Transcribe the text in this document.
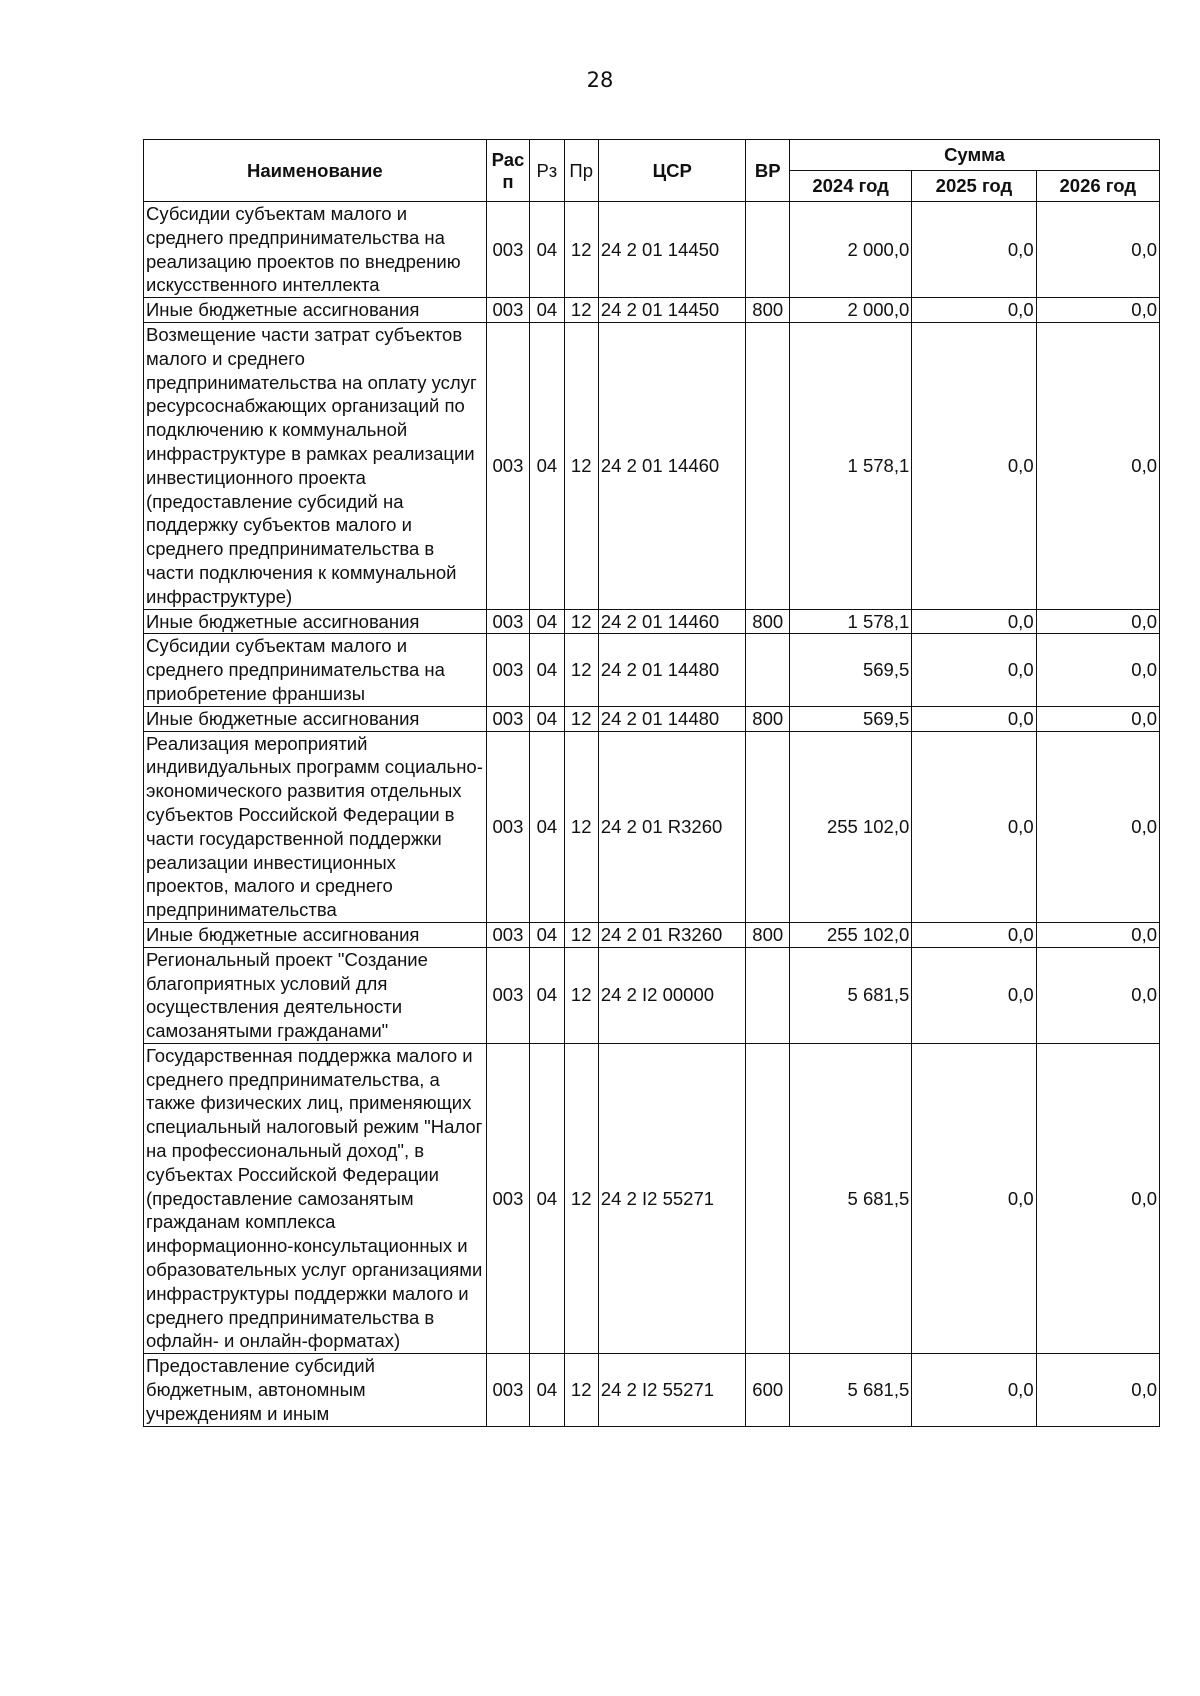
28
Наименование	Рас п	Рз	Пр	ЦСР	ВР	Сумма		
						2024 год	2025 год	2026 год
Субсидии субъектам малого и среднего предпринимательства на реализацию проектов по внедрению искусственного интеллекта	003	04	12	24 2 01 14450		2 000,0	0,0	0,0
Иные бюджетные ассигнования	003	04	12	24 2 01 14450	800	2 000,0	0,0	0,0
Возмещение части затрат субъектов малого и среднего предпринимательства на оплату услуг ресурсоснабжающих организаций по подключению к коммунальной инфраструктуре в рамках реализации инвестиционного проекта (предоставление субсидий на поддержку субъектов малого и среднего предпринимательства в части подключения к коммунальной инфраструктуре)	003	04	12	24 2 01 14460		1 578,1	0,0	0,0
Иные бюджетные ассигнования	003	04	12	24 2 01 14460	800	1 578,1	0,0	0,0
Субсидии субъектам малого и среднего предпринимательства на приобретение франшизы	003	04	12	24 2 01 14480		569,5	0,0	0,0
Иные бюджетные ассигнования	003	04	12	24 2 01 14480	800	569,5	0,0	0,0
Реализация мероприятий индивидуальных программ социально-экономического развития отдельных субъектов Российской Федерации в части государственной поддержки реализации инвестиционных проектов, малого и среднего предпринимательства	003	04	12	24 2 01 R3260		255 102,0	0,0	0,0
Иные бюджетные ассигнования	003	04	12	24 2 01 R3260	800	255 102,0	0,0	0,0
Региональный проект "Создание благоприятных условий для осуществления деятельности самозанятыми гражданами"	003	04	12	24 2 I2 00000		5 681,5	0,0	0,0
Государственная поддержка малого и среднего предпринимательства, а также физических лиц, применяющих специальный налоговый режим "Налог на профессиональный доход", в субъектах Российской Федерации (предоставление самозанятым гражданам комплекса информационно-консультационных и образовательных услуг организациями инфраструктуры поддержки малого и среднего предпринимательства в офлайн- и онлайн-форматах)	003	04	12	24 2 I2 55271		5 681,5	0,0	0,0
Предоставление субсидий бюджетным, автономным учреждениям и иным	003	04	12	24 2 I2 55271	600	5 681,5	0,0	0,0
